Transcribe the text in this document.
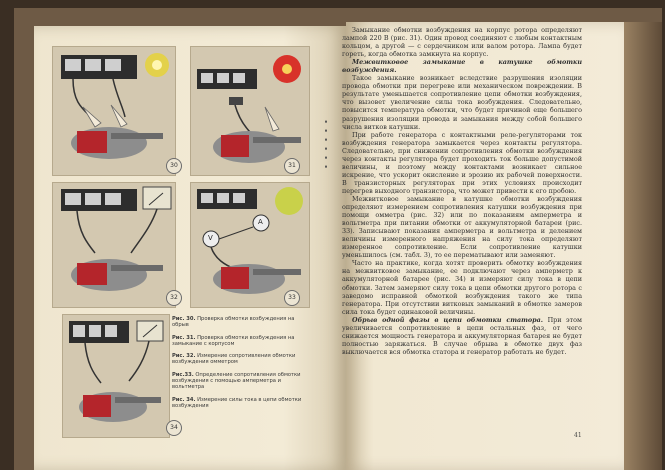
30	31
32
A
V
33
34
Рис. 30. Проверка обмотки возбуждения на обрыв
Рис. 31. Проверка обмотки возбуждения на замыкание с корпусом
Рис. 32. Измерение сопротивления обмотки возбуждения омметром
Рис.33. Определение сопротивления обмотки возбуждения с помощью амперметра и вольтметра
Рис. 34. Измерение силы тока в цепи обмотки возбуждения
▪
▪
▪
▪
▪
▪

Замыкание обмотки возбуждения на корпус ротора определяют лампой 220 В (рис. 31). Один провод соединяют с любым контактным кольцом, а другой — с сердечником или валом ротора. Лампа будет гореть, когда обмотка замкнута на корпус.

Межвитковое замыкание в катушке обмотки возбуждения.

Такое замыкание возникает вследствие разрушения изоляции провода обмотки при перегреве или механическом повреждении. В результате уменьшается сопротивление цепи обмотки возбуждения, что вызовет увеличение силы тока возбуждения. Следовательно, повысится температура обмотки, что будет причиной еще большего разрушения изоляции провода и замыкания между собой большего числа витков катушки.

При работе генератора с контактными реле-регуляторами ток возбуждения генератора замыкается через контакты регулятора. Следовательно, при снижении сопротивления обмотки возбуждения через контакты регулятора будет проходить ток больше допустимой величины, и поэтому между контактами возникает сильное искрение, что ускорит окисление и эрозию их рабочей поверхности. В транзисторных регуляторах при этих условиях происходит перегрев выходного транзистора, что может привести к его пробою.

Межвитковое замыкание в катушке обмотки возбуждения определяют измерением сопротивления катушки возбуждения при помощи омметра (рис. 32) или по показаниям амперметра и вольтметра при питании обмотки от аккумуляторной батареи (рис. 33). Записывают показания амперметра и вольтметра и делением величины измеренного напряжения на силу тока определяют измеренное сопротивление. Если сопротивление катушки уменьшилось (см. табл. 3), то ее перематывают или заменяют.

Часто на практике, когда хотят проверить обмотку возбуждения на межвитковое замыкание, ее подключают через амперметр к аккумуляторной батарее (рис. 34) и измеряют силу тока в цепи обмотки. Затем замеряют силу тока в цепи обмотки другого ротора с заведомо исправной обмоткой возбуждения такого же типа генератора. При отсутствии витковых замыканий в обмотке замеров сила тока будет одинаковой величины.

Обрыв одной фазы в цепи обмотки статора. При этом увеличивается сопротивление в цепи остальных фаз, от чего снижается мощность генератора и аккумуляторная батарея не будет полностью заряжаться. В случае обрыва в обмотке двух фаз выключается вся обмотка статора и генератор работать не будет.

41
